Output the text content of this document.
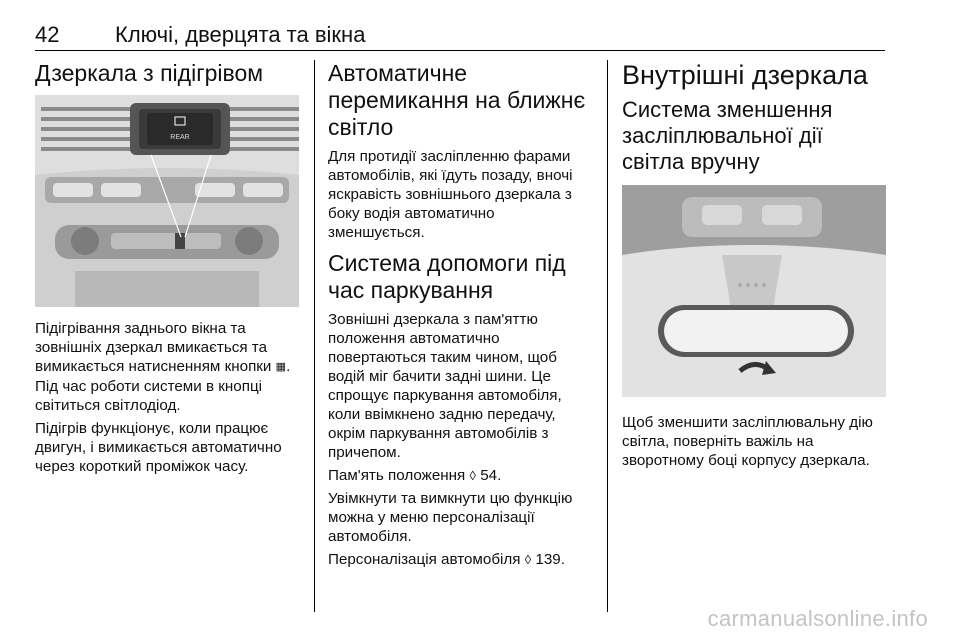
42	Ключі, дверцята та вікна
Дзеркала з підігрівом
REAR

Підігрівання заднього вікна та зовнішніх дзеркал вмикається та вимикається натисненням кнопки ▦. Під час роботи системи в кнопці світиться світлодіод.

Підігрів функціонує, коли працює двигун, і вимикається автоматично через короткий проміжок часу.

Автоматичне перемикання на ближнє світло

Для протидії засліпленню фарами автомобілів, які їдуть позаду, вночі яскравість зовнішнього дзеркала з боку водія автоматично зменшується.

Система допомоги під час паркування

Зовнішні дзеркала з пам'яттю положення автоматично повертаються таким чином, щоб водій міг бачити задні шини. Це спрощує паркування автомобіля, коли ввімкнено задню передачу, окрім паркування автомобілів з причепом.

Пам'ять положення ◊ 54.

Увімкнути та вимкнути цю функцію можна у меню персоналізації автомобіля.

Персоналізація автомобіля ◊ 139.

Внутрішні дзеркала
Система зменшення засліплювальної дії світла вручну

Щоб зменшити засліплювальну дію світла, поверніть важіль на зворотному боці корпусу дзеркала.

carmanualsonline.info
